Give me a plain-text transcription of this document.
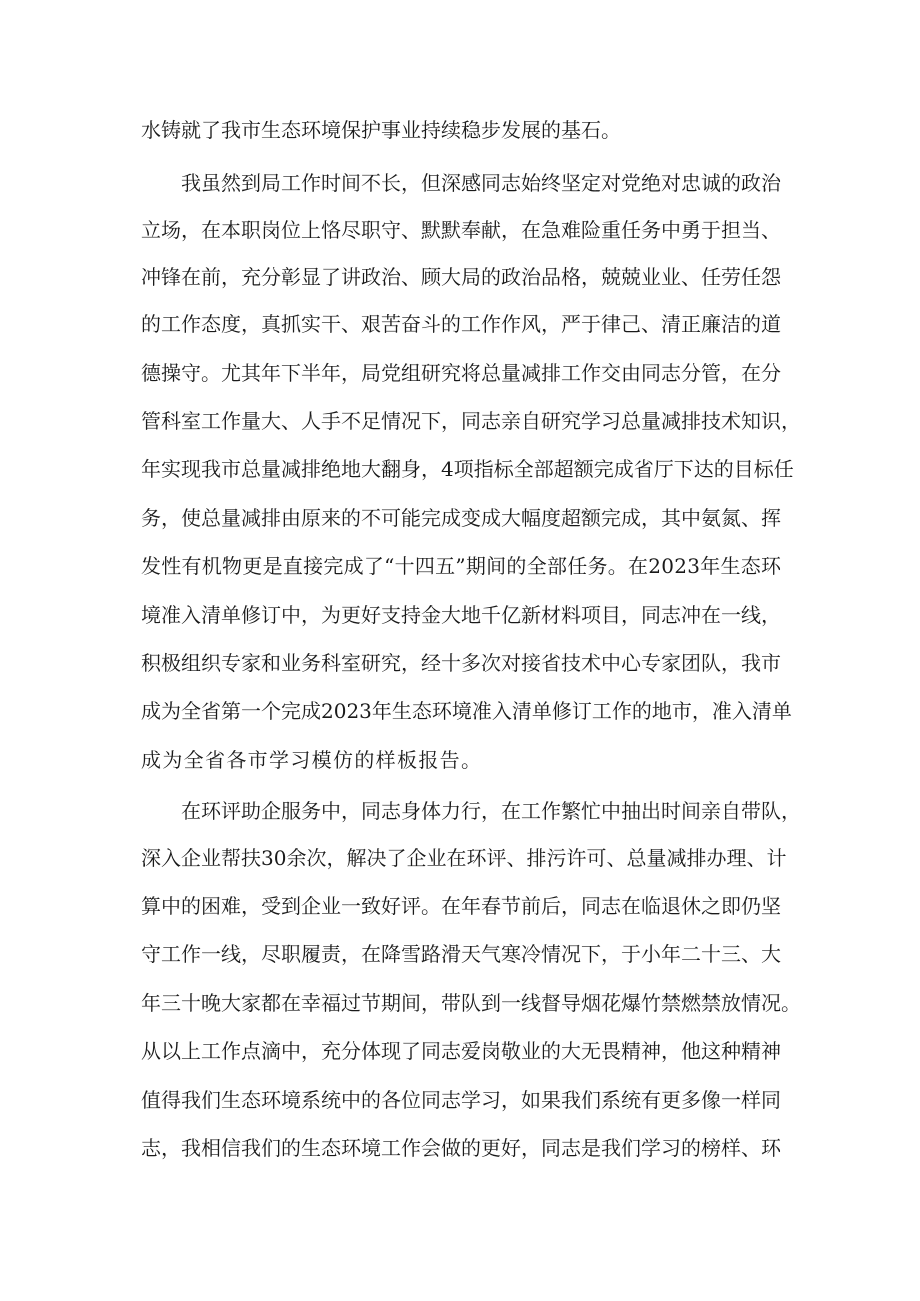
水铸就了我市生态环境保护事业持续稳步发展的基石。
我虽然到局工作时间不长，但深感同志始终坚定对党绝对忠诚的政治
立场，在本职岗位上恪尽职守、默默奉献，在急难险重任务中勇于担当、
冲锋在前，充分彰显了讲政治、顾大局的政治品格，兢兢业业、任劳任怨
的工作态度，真抓实干、艰苦奋斗的工作作风，严于律己、清正廉洁的道
德操守。尤其年下半年，局党组研究将总量减排工作交由同志分管，在分
管科室工作量大、人手不足情况下，同志亲自研究学习总量减排技术知识，
年实现我市总量减排绝地大翻身，4项指标全部超额完成省厅下达的目标任
务，使总量减排由原来的不可能完成变成大幅度超额完成，其中氨氮、挥
发性有机物更是直接完成了“十四五”期间的全部任务。在2023年生态环
境准入清单修订中，为更好支持金大地千亿新材料项目，同志冲在一线，
积极组织专家和业务科室研究，经十多次对接省技术中心专家团队，我市
成为全省第一个完成2023年生态环境准入清单修订工作的地市，准入清单
成为全省各市学习模仿的样板报告。
在环评助企服务中，同志身体力行，在工作繁忙中抽出时间亲自带队，
深入企业帮扶30余次，解决了企业在环评、排污许可、总量减排办理、计
算中的困难，受到企业一致好评。在年春节前后，同志在临退休之即仍坚
守工作一线，尽职履责，在降雪路滑天气寒冷情况下，于小年二十三、大
年三十晚大家都在幸福过节期间，带队到一线督导烟花爆竹禁燃禁放情况。
从以上工作点滴中，充分体现了同志爱岗敬业的大无畏精神，他这种精神
值得我们生态环境系统中的各位同志学习，如果我们系统有更多像一样同
志，我相信我们的生态环境工作会做的更好，同志是我们学习的榜样、环
